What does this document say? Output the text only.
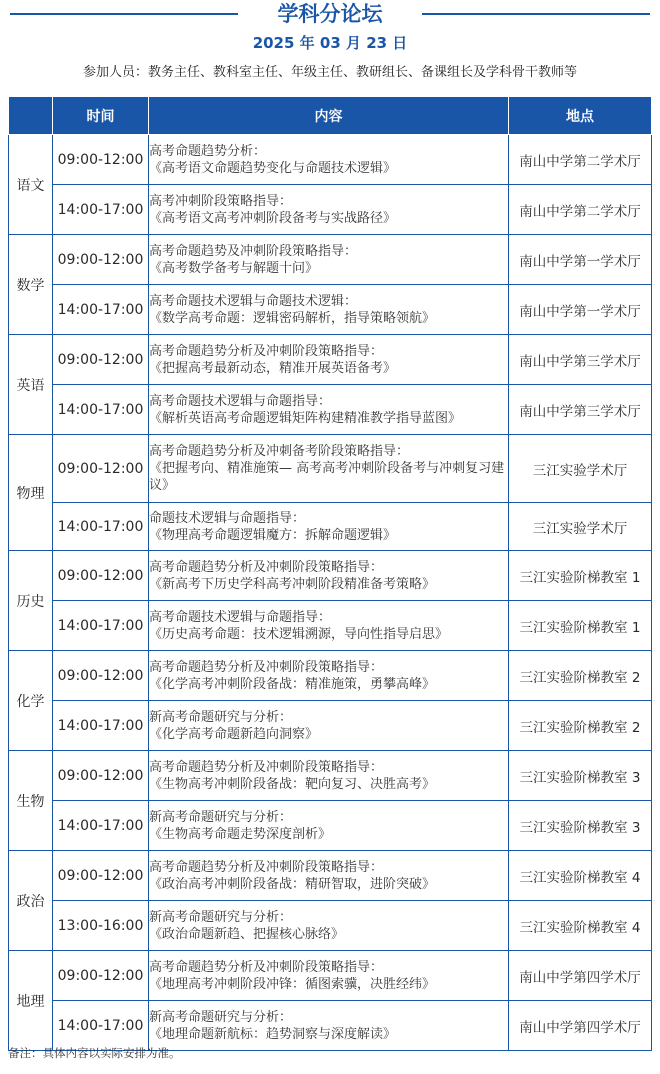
学科分论坛
2025 年 03 月 23 日
参加人员：教务主任、教科室主任、年级主任、教研组长、备课组长及学科骨干教师等
	时间	内容	地点
语文	09:00-12:00	高考命题趋势分析：
《高考语文命题趋势变化与命题技术逻辑》	南山中学第二学术厅
	14:00-17:00	高考冲刺阶段策略指导：
《高考语文高考冲刺阶段备考与实战路径》	南山中学第二学术厅
数学	09:00-12:00	高考命题趋势及冲刺阶段策略指导：
《高考数学备考与解题十问》	南山中学第一学术厅
	14:00-17:00	高考命题技术逻辑与命题技术逻辑：
《数学高考命题：逻辑密码解析，指导策略领航》	南山中学第一学术厅
英语	09:00-12:00	高考命题趋势分析及冲刺阶段策略指导：
《把握高考最新动态，精准开展英语备考》	南山中学第三学术厅
	14:00-17:00	高考命题技术逻辑与命题指导：
《解析英语高考命题逻辑矩阵构建精准教学指导蓝图》	南山中学第三学术厅
物理	09:00-12:00	高考命题趋势分析及冲刺备考阶段策略指导：
《把握考向、精准施策— 高考高考冲刺阶段备考与冲刺复习建议》	三江实验学术厅
	14:00-17:00	命题技术逻辑与命题指导：
《物理高考命题逻辑魔方：拆解命题逻辑》	三江实验学术厅
历史	09:00-12:00	高考命题趋势分析及冲刺阶段策略指导：
《新高考下历史学科高考冲刺阶段精准备考策略》	三江实验阶梯教室 1
	14:00-17:00	高考命题技术逻辑与命题指导：
《历史高考命题：技术逻辑溯源，导向性指导启思》	三江实验阶梯教室 1
化学	09:00-12:00	高考命题趋势分析及冲刺阶段策略指导：
《化学高考冲刺阶段备战：精准施策，勇攀高峰》	三江实验阶梯教室 2
	14:00-17:00	新高考命题研究与分析：
《化学高考命题新趋向洞察》	三江实验阶梯教室 2
生物	09:00-12:00	高考命题趋势分析及冲刺阶段策略指导：
《生物高考冲刺阶段备战：靶向复习、决胜高考》	三江实验阶梯教室 3
	14:00-17:00	新高考命题研究与分析：
《生物高考命题走势深度剖析》	三江实验阶梯教室 3
政治	09:00-12:00	高考命题趋势分析及冲刺阶段策略指导：
《政治高考冲刺阶段备战：精研智取，进阶突破》	三江实验阶梯教室 4
	13:00-16:00	新高考命题研究与分析：
《政治命题新趋、把握核心脉络》	三江实验阶梯教室 4
地理	09:00-12:00	高考命题趋势分析及冲刺阶段策略指导：
《地理高考冲刺阶段冲锋：循图索骥，决胜经纬》	南山中学第四学术厅
	14:00-17:00	新高考命题研究与分析：
《地理命题新航标：趋势洞察与深度解读》	南山中学第四学术厅
备注：具体内容以实际安排为准。
